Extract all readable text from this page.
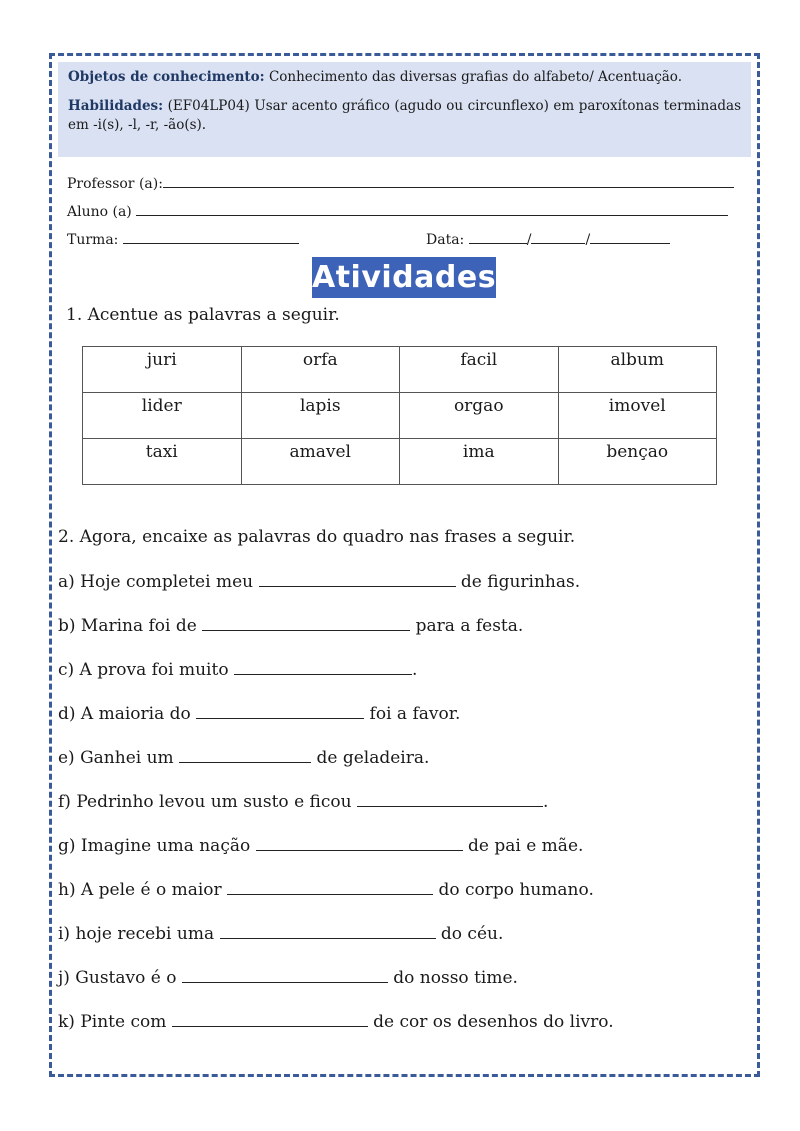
Objetos de conhecimento: Conhecimento das diversas grafias do alfabeto/ Acentuação.

Habilidades: (EF04LP04) Usar acento gráfico (agudo ou circunflexo) em paroxítonas terminadas em -i(s), -l, -r, -ão(s).

Professor (a):
Aluno (a)
Turma:	Data:	/	/
Atividades
1. Acentue as palavras a seguir.
juri	orfa	facil	album
lider	lapis	orgao	imovel
taxi	amavel	ima	bençao
2. Agora, encaixe as palavras do quadro nas frases a seguir.
a) Hoje completei meu	de figurinhas.
b) Marina foi de	para a festa.
c) A prova foi muito	.
d) A maioria do	foi a favor.
e) Ganhei um	de geladeira.
f) Pedrinho levou um susto e ficou	.
g) Imagine uma nação	de pai e mãe.
h) A pele é o maior	do corpo humano.
i) hoje recebi uma	do céu.
j) Gustavo é o	do nosso time.
k) Pinte com	de cor os desenhos do livro.
